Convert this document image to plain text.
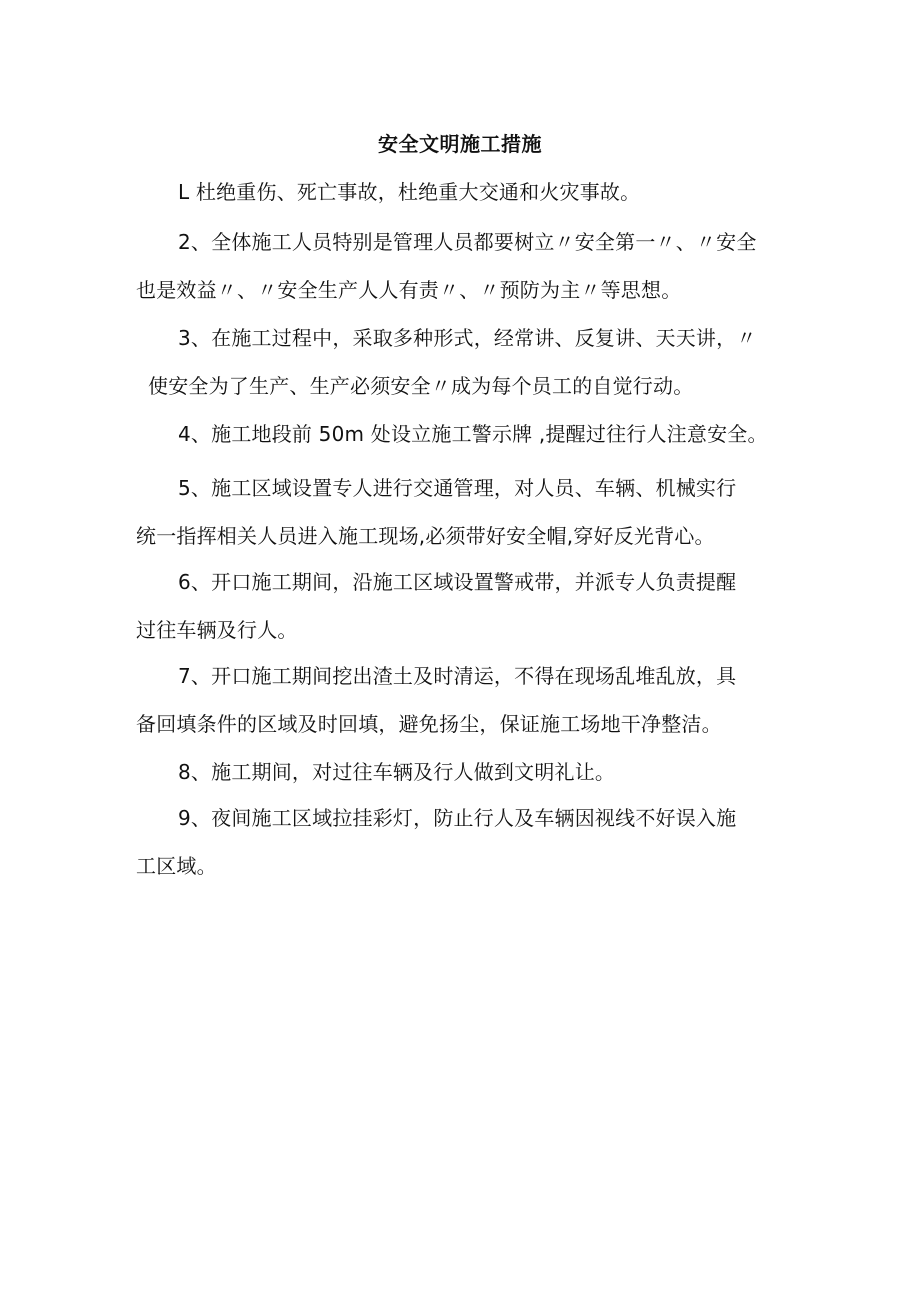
安全文明施工措施
L 杜绝重伤、死亡事故，杜绝重大交通和火灾事故。
2、全体施工人员特别是管理人员都要树立〃安全第一〃、〃安全
也是效益〃、〃安全生产人人有责〃、〃预防为主〃等思想。
3、在施工过程中，采取多种形式，经常讲、反复讲、天天讲，〃
使安全为了生产、生产必须安全〃成为每个员工的自觉行动。
4、施工地段前 50m 处设立施工警示牌 ,提醒过往行人注意安全。
5、施工区域设置专人进行交通管理，对人员、车辆、机械实行
统一指挥相关人员进入施工现场,必须带好安全帽,穿好反光背心。
6、开口施工期间，沿施工区域设置警戒带，并派专人负责提醒
过往车辆及行人。
7、开口施工期间挖出渣土及时清运，不得在现场乱堆乱放，具
备回填条件的区域及时回填，避免扬尘，保证施工场地干净整洁。
8、施工期间，对过往车辆及行人做到文明礼让。
9、夜间施工区域拉挂彩灯，防止行人及车辆因视线不好误入施
工区域。
